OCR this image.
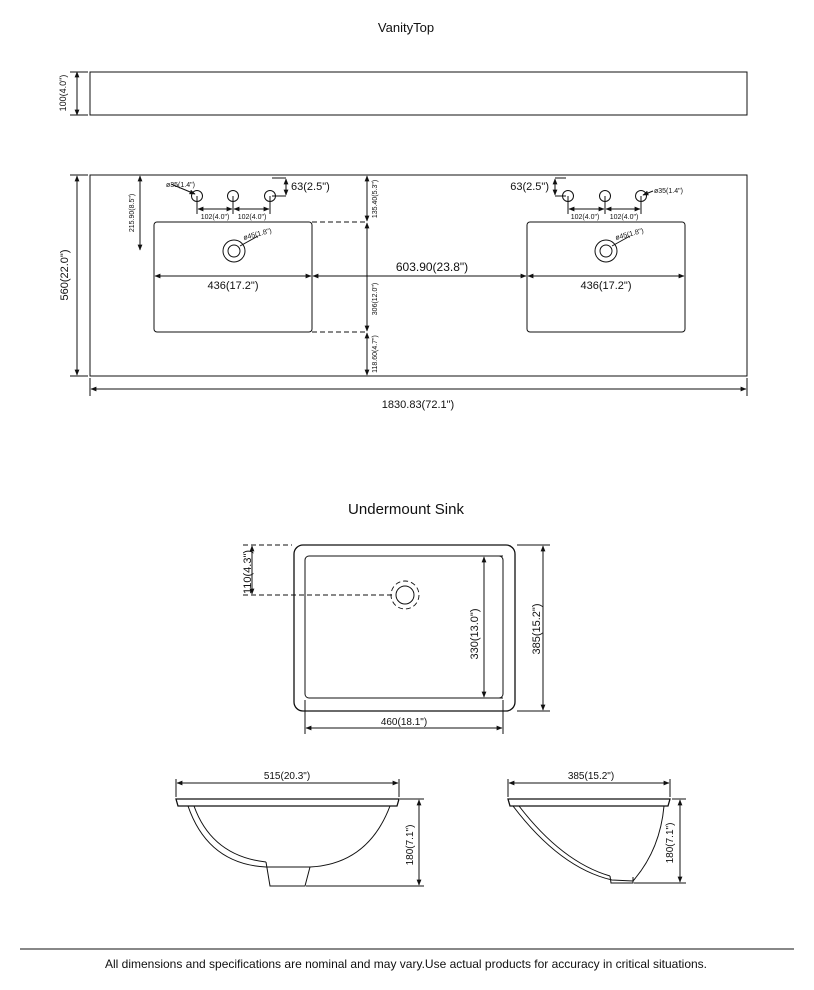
VanityTop
100(4.0")
560(22.0")
1830.83(72.1")
ø35(1.4")
102(4.0") 102(4.0")
63(2.5")
215.90(8.5")
ø45(1.8")
436(17.2")
63(2.5")	ø35(1.4")
102(4.0") 102(4.0")
ø45(1.8")
436(17.2")
603.90(23.8")
135.40(5.3")
306(12.0")
118.60(4.7")
Undermount Sink
110(4.3")
330(13.0")	385(15.2")
460(18.1")
515(20.3")
180(7.1")
385(15.2")
180(7.1")
All dimensions and specifications are nominal and may vary.Use actual products for accuracy in critical situations.
